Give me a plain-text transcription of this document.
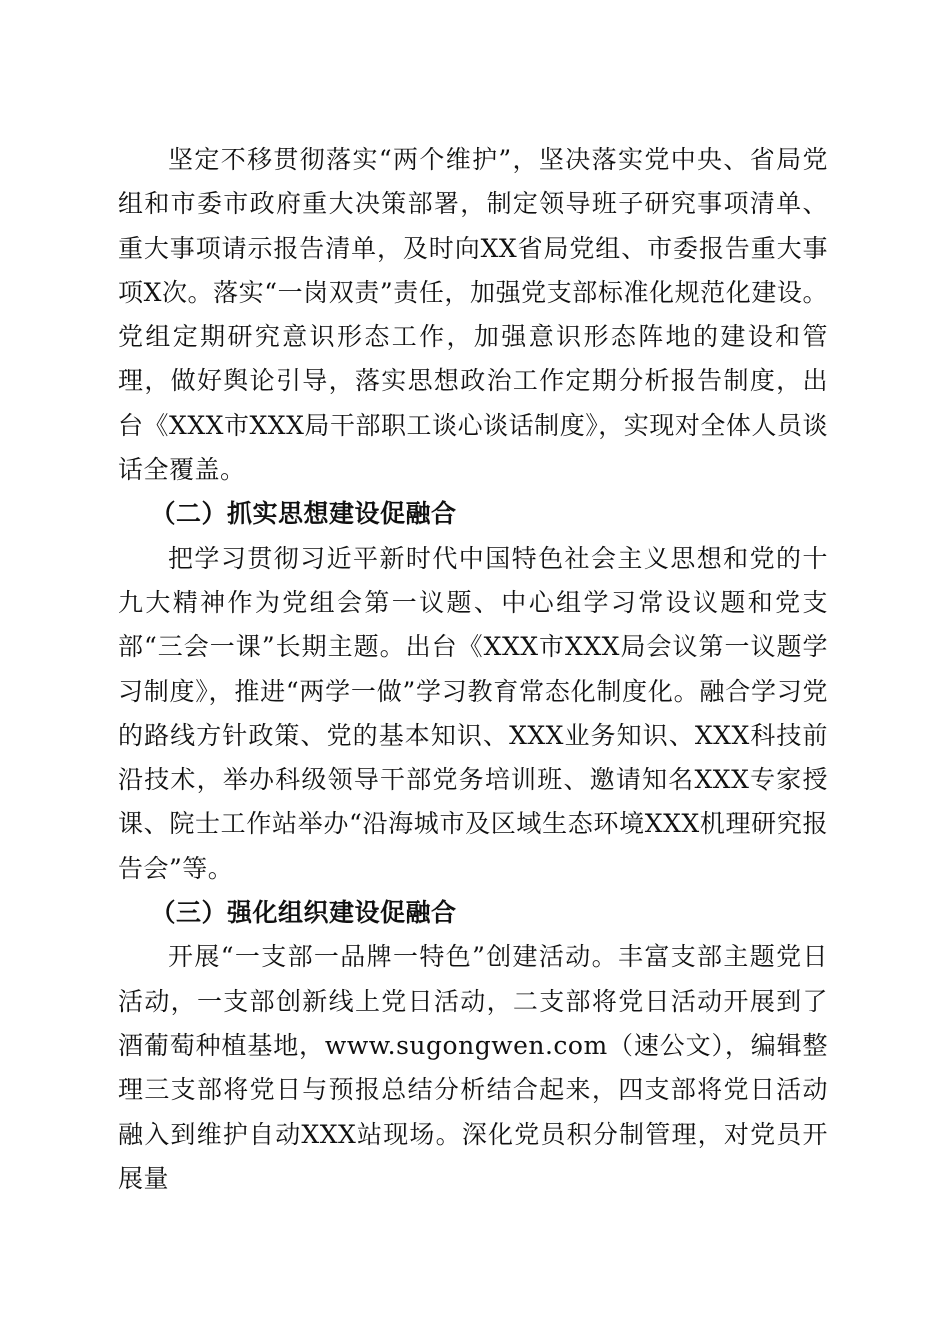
坚定不移贯彻落实“两个维护”，坚决落实党中央、省局党组和市委市政府重大决策部署，制定领导班子研究事项清单、重大事项请示报告清单，及时向XX省局党组、市委报告重大事项X次。落实“一岗双责”责任，加强党支部标准化规范化建设。党组定期研究意识形态工作，加强意识形态阵地的建设和管理，做好舆论引导，落实思想政治工作定期分析报告制度，出台《XXX市XXX局干部职工谈心谈话制度》，实现对全体人员谈话全覆盖。

（二）抓实思想建设促融合

把学习贯彻习近平新时代中国特色社会主义思想和党的十九大精神作为党组会第一议题、中心组学习常设议题和党支部“三会一课”长期主题。出台《XXX市XXX局会议第一议题学习制度》，推进“两学一做”学习教育常态化制度化。融合学习党的路线方针政策、党的基本知识、XXX业务知识、XXX科技前沿技术，举办科级领导干部党务培训班、邀请知名XXX专家授课、院士工作站举办“沿海城市及区域生态环境XXX机理研究报告会”等。

（三）强化组织建设促融合

开展“一支部一品牌一特色”创建活动。丰富支部主题党日活动，一支部创新线上党日活动，二支部将党日活动开展到了酒葡萄种植基地，www.sugongwen.com（速公文），编辑整理三支部将党日与预报总结分析结合起来，四支部将党日活动融入到维护自动XXX站现场。深化党员积分制管理，对党员开展量
